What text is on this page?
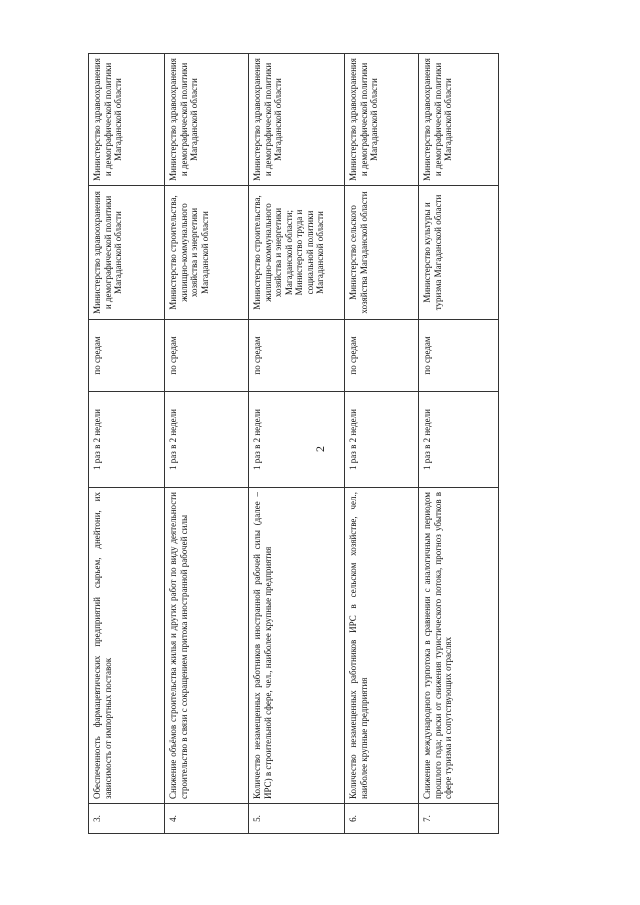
2
3.	Обеспеченность фармацевтических предприятий сырьем, днейтони, их зависимость от импортных поставок	1 раз в 2 недели	по средам	Министерство здравоохранения и демографической политики Магаданской области	Министерство здравоохранения и демографической политики Магаданской области
4.	Снижение объёмов строительства жилья и других работ по виду деятельности строительство в связи с сокращением притока иностранной рабочей силы	1 раз в 2 недели	по средам	Министерство строительства, жилищно-коммунального хозяйства и энергетики Магаданской области	Министерство здравоохранения и демографической политики Магаданской области
5.	Количество незамещенных работников иностранной рабочей силы (далее – ИРС) в строительной сфере, чел., наиболее крупные предприятия	1 раз в 2 недели	по средам	Министерство строительства, жилищно-коммунального хозяйства и энергетики Магаданской области; Министерство труда и социальной политики Магаданской области	Министерство здравоохранения и демографической политики Магаданской области
6.	Количество незамещенных работников ИРС в сельском хозяйстве, чел., наиболее крупные предприятия	1 раз в 2 недели	по средам	Министерство сельского хозяйства Магаданской области	Министерство здравоохранения и демографической политики Магаданской области
7.	Снижение международного турпотока в сравнении с аналогичным периодом прошлого года; риски от снижения туристического потока, прогноз убытков в сфере туризма и сопутствующих отраслях	1 раз в 2 недели	по средам	Министерство культуры и туризма Магаданской области	Министерство здравоохранения и демографической политики Магаданской области
